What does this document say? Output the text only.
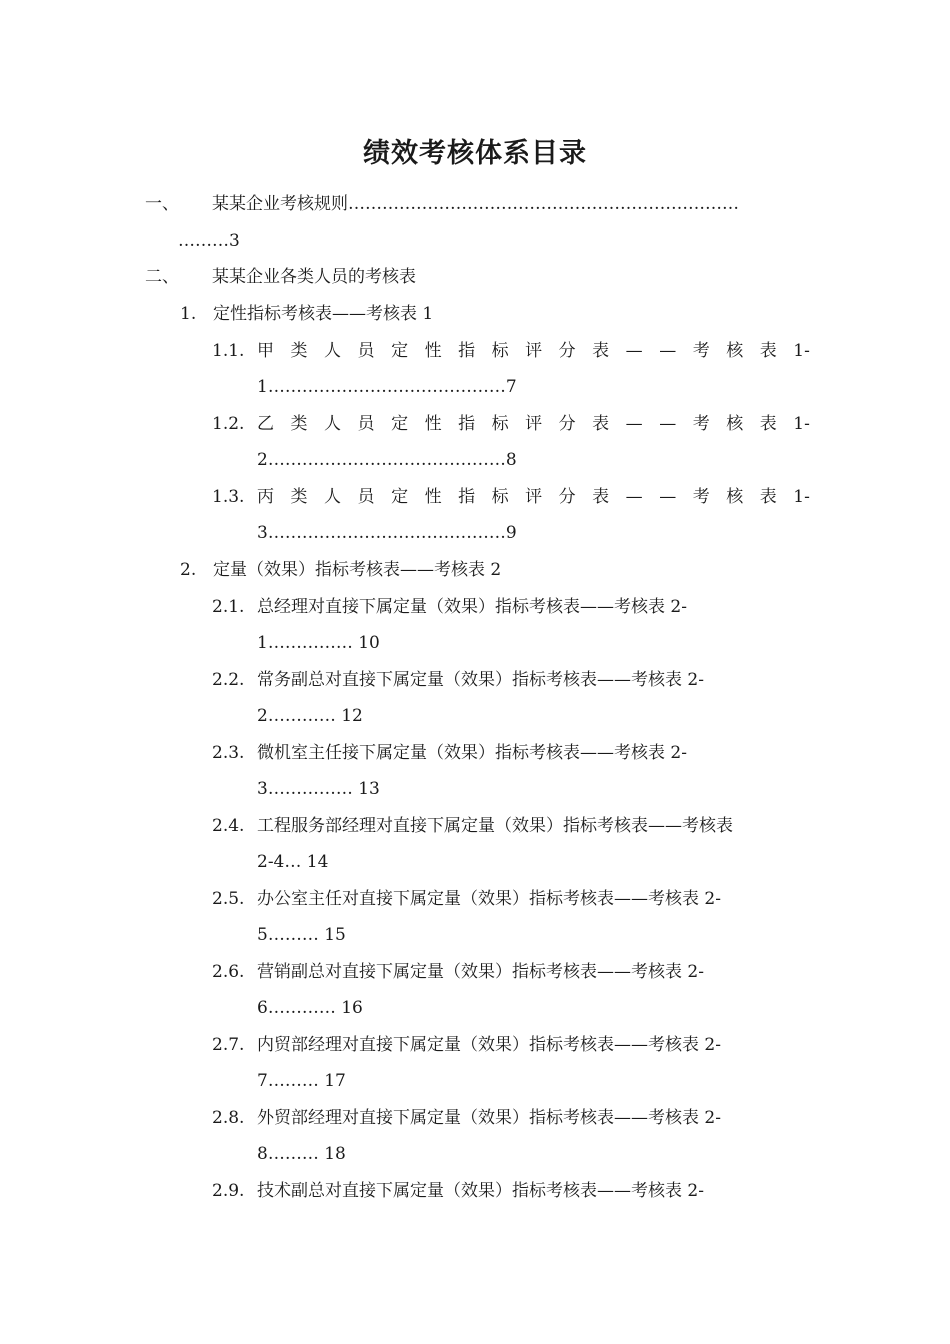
绩效考核体系目录
一、 某某企业考核规则……………………………………………………………
………3
二、 某某企业各类人员的考核表
1. 定性指标考核表——考核表 1
1.1. 甲 类 人 员 定 性 指 标 评 分 表 — — 考 核 表 1-
1……………………………………7
1.2. 乙 类 人 员 定 性 指 标 评 分 表 — — 考 核 表 1-
2……………………………………8
1.3. 丙 类 人 员 定 性 指 标 评 分 表 — — 考 核 表 1-
3……………………………………9
2. 定量（效果）指标考核表——考核表 2
2.1. 总经理对直接下属定量（效果）指标考核表——考核表 2-
1…………… 10
2.2. 常务副总对直接下属定量（效果）指标考核表——考核表 2-
2………… 12
2.3. 微机室主任接下属定量（效果）指标考核表——考核表 2-
3…………… 13
2.4. 工程服务部经理对直接下属定量（效果）指标考核表——考核表
2-4… 14
2.5. 办公室主任对直接下属定量（效果）指标考核表——考核表 2-
5……… 15
2.6. 营销副总对直接下属定量（效果）指标考核表——考核表 2-
6………… 16
2.7. 内贸部经理对直接下属定量（效果）指标考核表——考核表 2-
7……… 17
2.8. 外贸部经理对直接下属定量（效果）指标考核表——考核表 2-
8……… 18
2.9. 技术副总对直接下属定量（效果）指标考核表——考核表 2-
